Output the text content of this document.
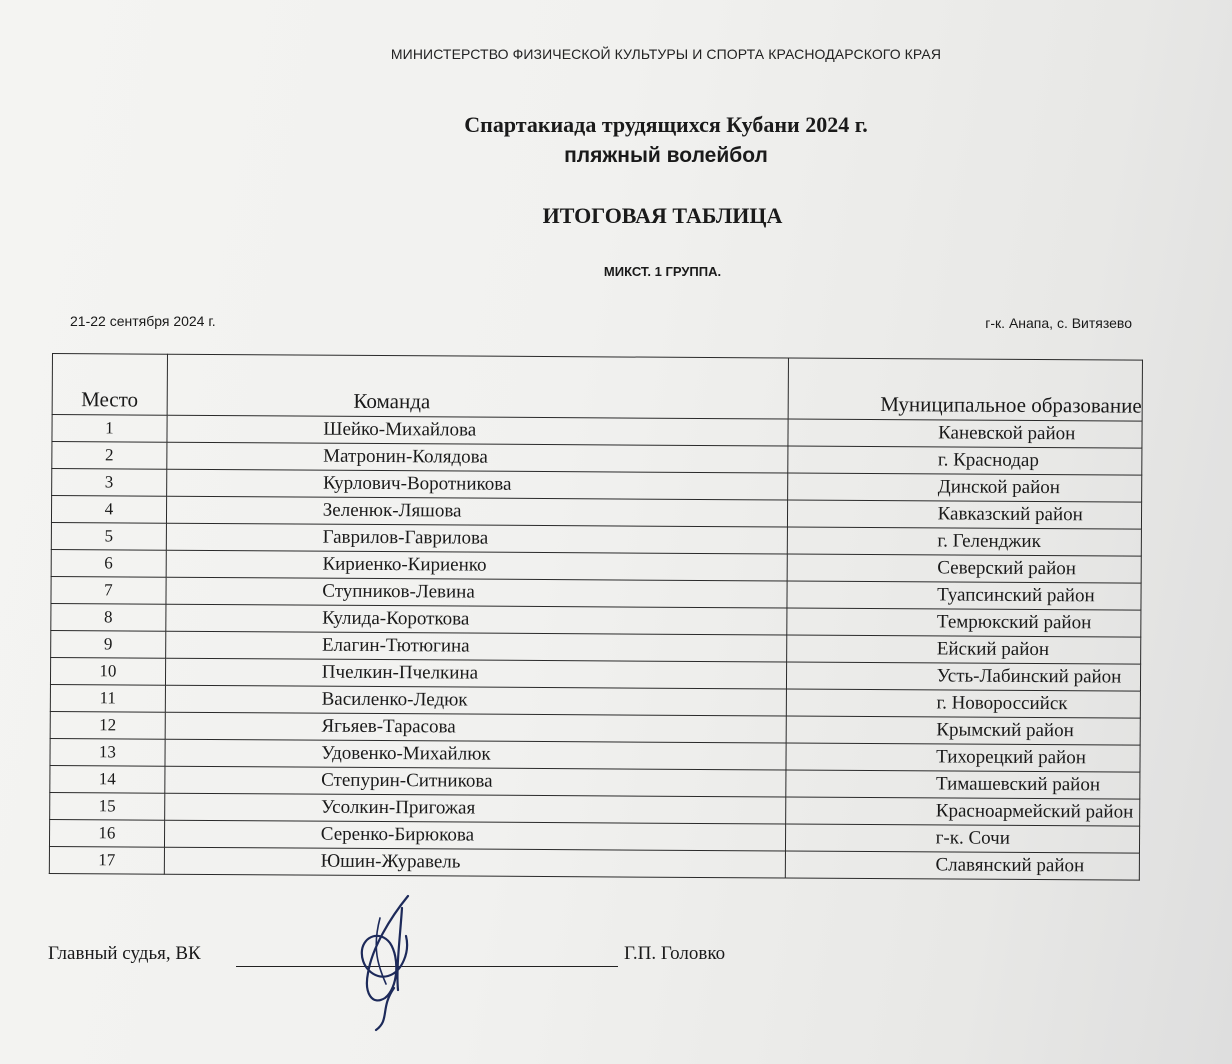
МИНИСТЕРСТВО ФИЗИЧЕСКОЙ КУЛЬТУРЫ И СПОРТА КРАСНОДАРСКОГО КРАЯ
Спартакиада трудящихся Кубани 2024 г.
пляжный волейбол
ИТОГОВАЯ ТАБЛИЦА
МИКСТ. 1 ГРУППА.
21-22 сентября 2024 г.	г-к. Анапа, с. Витязево
Место	Команда	Муниципальное образование
1	Шейко-Михайлова	Каневской район
2	Матронин-Колядова	г. Краснодар
3	Курлович-Воротникова	Динской район
4	Зеленюк-Ляшова	Кавказский район
5	Гаврилов-Гаврилова	г. Геленджик
6	Кириенко-Кириенко	Северский район
7	Ступников-Левина	Туапсинский район
8	Кулида-Короткова	Темрюкский район
9	Елагин-Тютюгина	Ейский район
10	Пчелкин-Пчелкина	Усть-Лабинский район
11	Василенко-Ледюк	г. Новороссийск
12	Ягьяев-Тарасова	Крымский район
13	Удовенко-Михайлюк	Тихорецкий район
14	Степурин-Ситникова	Тимашевский район
15	Усолкин-Пригожая	Красноармейский район
16	Серенко-Бирюкова	г-к. Сочи
17	Юшин-Журавель	Славянский район
Главный судья, ВК	Г.П. Головко
